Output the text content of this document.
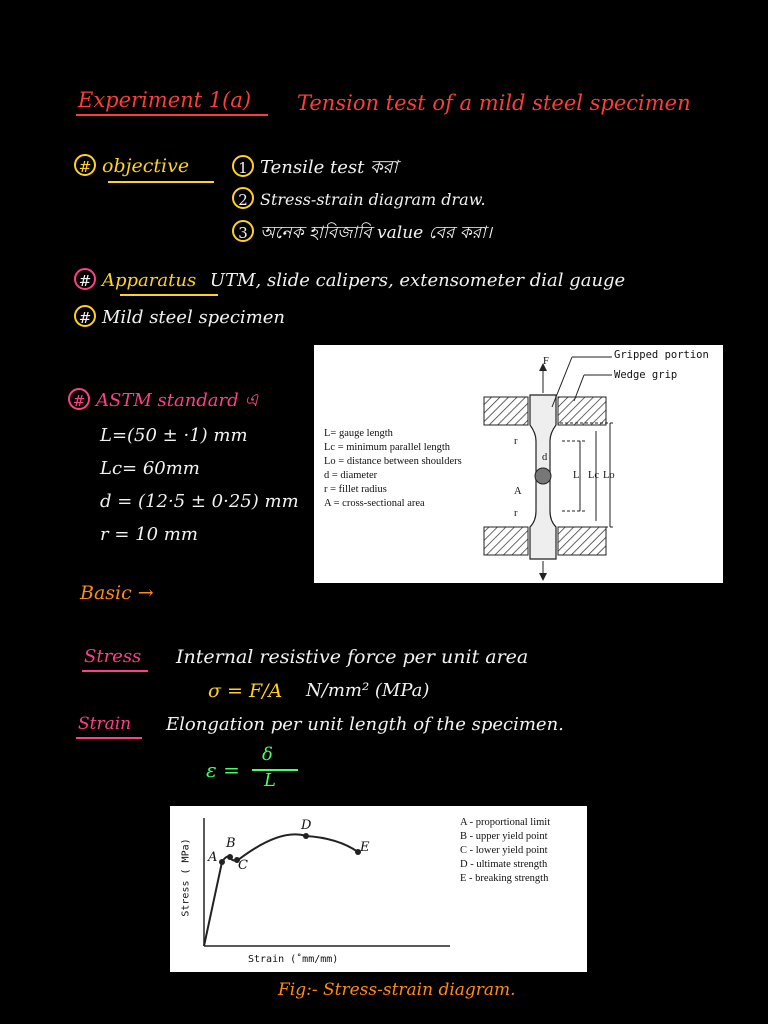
Experiment 1(a) Tension test of a mild steel specimen
# objective	1 Tensile test করা
2 Stress-strain diagram draw.
3 অনেক হাবিজাবি value বের করা।
# Apparatus UTM, slide calipers, extensometer dial gauge
# Mild steel specimen
# ASTM standard এ
L=(50 ± ·1) mm
Lc= 60mm
d = (12·5 ± 0·25) mm
r = 10 mm
L= gauge length
Lc = minimum parallel length
Lo = distance between shoulders
d = diameter
r = fillet radius
A = cross-sectional area
Gripped portion
Wedge grip
F
r
d
A
r
L Lc Lo
Basic →
Stress Internal resistive force per unit area
σ = F/A N/mm² (MPa)
Strain Elongation per unit length of the specimen.
ε =
δ
L
A
B
C
D
E
Stress ( MPa)
Strain (˚mm/mm)
A - proportional limit
B - upper yield point
C - lower yield point
D - ultimate strength
E - breaking strength
Fig:- Stress-strain diagram.
